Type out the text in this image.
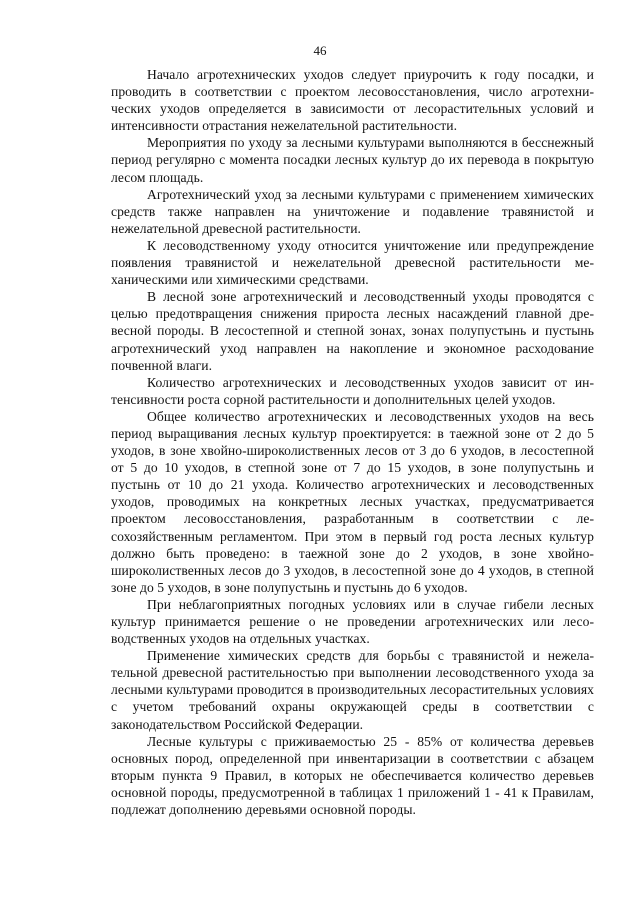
46

Начало агротехнических уходов следует приурочить к году посадки, и проводить в соответствии с проектом лесовосстановления, число агротехнических уходов определяется в зависимости от лесорастительных условий и интенсивности отрастания нежелательной растительности.

Мероприятия по уходу за лесными культурами выполняются в бесснежный период регулярно с момента посадки лесных культур до их перевода в покрытую лесом площадь.

Агротехнический уход за лесными культурами с применением химических средств также направлен на уничтожение и подавление травянистой и нежелательной древесной растительности.

К лесоводственному уходу относится уничтожение или предупреждение появления травянистой и нежелательной древесной растительности механическими или химическими средствами.

В лесной зоне агротехнический и лесоводственный уходы проводятся с целью предотвращения снижения прироста лесных насаждений главной древесной породы. В лесостепной и степной зонах, зонах полупустынь и пустынь агротехнический уход направлен на накопление и экономное расходование почвенной влаги.

Количество агротехнических и лесоводственных уходов зависит от интенсивности роста сорной растительности и дополнительных целей уходов.

Общее количество агротехнических и лесоводственных уходов на весь период выращивания лесных культур проектируется: в таежной зоне от 2 до 5 уходов, в зоне хвойно-широколиственных лесов от 3 до 6 уходов, в лесостепной от 5 до 10 уходов, в степной зоне от 7 до 15 уходов, в зоне полупустынь и пустынь от 10 до 21 ухода. Количество агротехнических и лесоводственных уходов, проводимых на конкретных лесных участках, предусматривается проектом лесовосстановления, разработанным в соответствии с лесохозяйственным регламентом. При этом в первый год роста лесных культур должно быть проведено: в таежной зоне до 2 уходов, в зоне хвойно-широколиственных лесов до 3 уходов, в лесостепной зоне до 4 уходов, в степной зоне до 5 уходов, в зоне полупустынь и пустынь до 6 уходов.

При неблагоприятных погодных условиях или в случае гибели лесных культур принимается решение о не проведении агротехнических или лесоводственных уходов на отдельных участках.

Применение химических средств для борьбы с травянистой и нежелательной древесной растительностью при выполнении лесоводственного ухода за лесными культурами проводится в производительных лесорастительных условиях с учетом требований охраны окружающей среды в соответствии с законодательством Российской Федерации.

Лесные культуры с приживаемостью 25 - 85% от количества деревьев основных пород, определенной при инвентаризации в соответствии с абзацем вторым пункта 9 Правил, в которых не обеспечивается количество деревьев основной породы, предусмотренной в таблицах 1 приложений 1 - 41 к Правилам, подлежат дополнению деревьями основной породы.
